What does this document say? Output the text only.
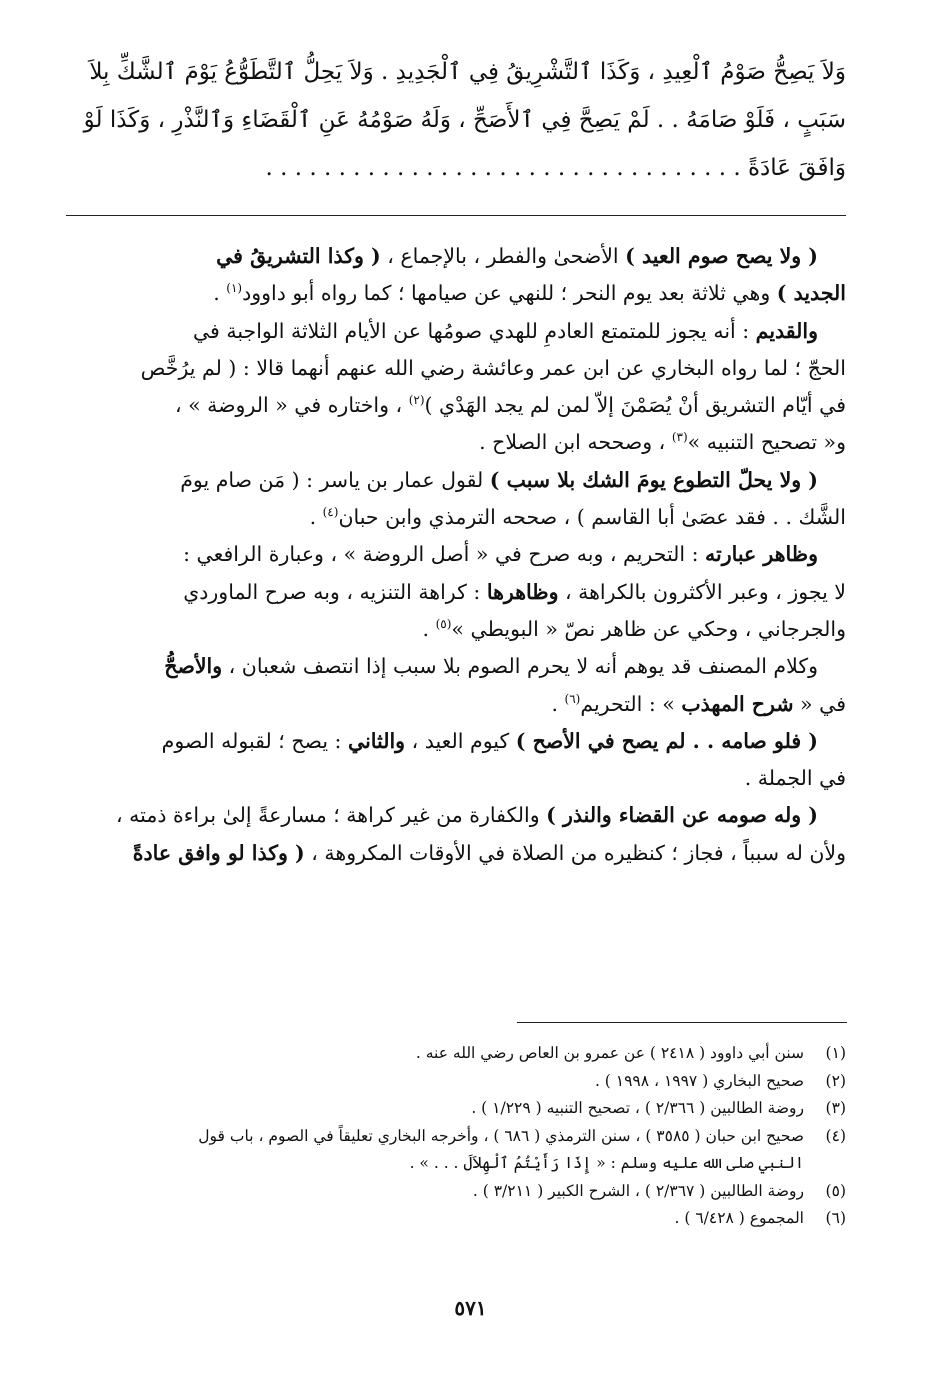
وَلاَ يَصِحُّ صَوْمُ ٱلْعِيدِ ، وَكَذَا ٱلتَّشْرِيقُ فِي ٱلْجَدِيدِ . وَلاَ يَحِلُّ ٱلتَّطَوُّعُ يَوْمَ ٱلشَّكِّ بِلاَ
سَبَبٍ ، فَلَوْ صَامَهُ . . لَمْ يَصِحَّ فِي ٱلأَصَحِّ ، وَلَهُ صَوْمُهُ عَنِ ٱلْقَضَاءِ وَٱلنَّذْرِ ، وَكَذَا لَوْ
وَافَقَ عَادَةً . . . . . . . . . . . . . . . . . . . . . . . . . . . . . . . . .
( ولا يصح صوم العيد ) الأضحىٰ والفطر ، بالإجماع ، ( وكذا التشريقُ في
الجديد ) وهي ثلاثة بعد يوم النحر ؛ للنهي عن صيامها ؛ كما رواه أبو داوود$^{(١)}$ .
والقديم : أنه يجوز للمتمتع العادمِ للهدي صومُها عن الأيام الثلاثة الواجبة في
الحجّ ؛ لما رواه البخاري عن ابن عمر وعائشة رضي الله عنهم أنهما قالا : ( لم يرُخَّص
في أيّام التشريق أنْ يُصَمْنَ إلاّ لمن لم يجد الهَدْي )$^{(٢)}$ ، واختاره في « الروضة » ،
و« تصحيح التنبيه »$^{(٣)}$ ، وصححه ابن الصلاح .
( ولا يحلّ التطوع يومَ الشك بلا سبب ) لقول عمار بن ياسر : ( مَن صام يومَ
الشَّك . . فقد عصَىٰ أبا القاسم ) ، صححه الترمذي وابن حبان$^{(٤)}$ .
وظاهر عبارته : التحريم ، وبه صرح في « أصل الروضة » ، وعبارة الرافعي :
لا يجوز ، وعبر الأكثرون بالكراهة ، وظاهرها : كراهة التنزيه ، وبه صرح الماوردي
والجرجاني ، وحكي عن ظاهر نصّ « البويطي »$^{(٥)}$ .
وكلام المصنف قد يوهم أنه لا يحرم الصوم بلا سبب إذا انتصف شعبان ، والأصحُّ
في « شرح المهذب » : التحريم$^{(٦)}$ .
( فلو صامه . . لم يصح في الأصح ) كيوم العيد ، والثاني : يصح ؛ لقبوله الصوم
في الجملة .
( وله صومه عن القضاء والنذر ) والكفارة من غير كراهة ؛ مسارعةً إلىٰ براءة ذمته ،
ولأن له سبباً ، فجاز ؛ كنظيره من الصلاة في الأوقات المكروهة ، ( وكذا لو وافق عادةً
(١)
سنن أبي داوود ( ٢٤١٨ ) عن عمرو بن العاص رضي الله عنه .
(٢)
صحيح البخاري ( ١٩٩٧ ، ١٩٩٨ ) .
(٣)
روضة الطالبين ( ٢/٣٦٦ ) ، تصحيح التنبيه ( ١/٢٢٩ ) .
(٤)
صحيح ابن حبان ( ٣٥٨٥ ) ، سنن الترمذي ( ٦٨٦ ) ، وأخرجه البخاري تعليقاً في الصوم ، باب قول
النبي صلى الله عليه وسلم : « إِذَا رَأَيْتُمُ ٱلْهِلاَلَ . . . » .
(٥)
روضة الطالبين ( ٢/٣٦٧ ) ، الشرح الكبير ( ٣/٢١١ ) .
(٦)
المجموع ( ٦/٤٢٨ ) .
٥٧١
